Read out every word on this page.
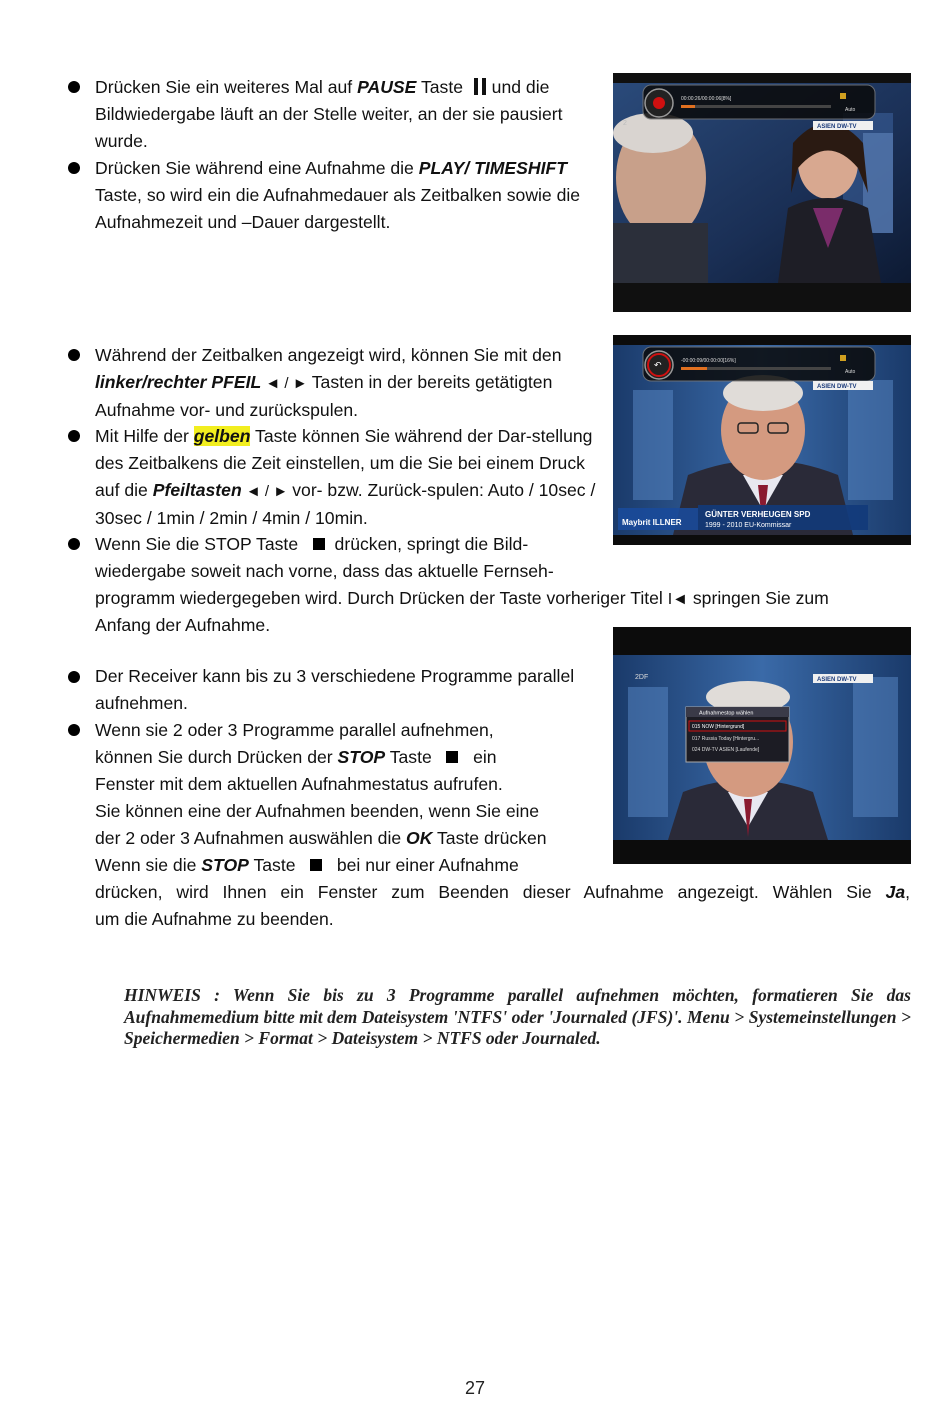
Drücken Sie ein weiteres Mal auf PAUSE Taste   und die Bildwiedergabe läuft an der Stelle weiter, an der sie pausiert wurde.
Drücken Sie während eine Aufnahme die PLAY/ TIMESHIFT Taste, so wird ein die Aufnahmedauer als Zeitbalken sowie die Aufnahmezeit und –Dauer dargestellt.
00:00:26/00:00:06[8%]
Auto
ASIEN DW-TV
2
Während der Zeitbalken angezeigt wird, können Sie mit den linker/rechter PFEIL ◄ / ► Tasten in der bereits getätigten Aufnahme vor- und zurückspulen.
Mit Hilfe der gelben Taste können Sie während der Dar-stellung des Zeitbalkens die Zeit einstellen, um die Sie bei einem Druck auf die Pfeiltasten ◄ / ► vor- bzw. Zurück-spulen: Auto / 10sec / 30sec / 1min / 2min / 4min / 10min.
Wenn Sie die STOP Taste     drücken, springt die Bild-
wiedergabe soweit nach vorne, dass das aktuelle Fernseh-
programm wiedergegeben wird. Durch Drücken der Taste vorheriger Titel I◄ springen Sie zum
Anfang der Aufnahme.
↶	-00:00:09/00:00:00[16%]
Auto
ASIEN DW-TV
Maybrit ILLNER
GÜNTER VERHEUGEN SPD
1999 - 2010 EU-Kommissar
Der Receiver kann bis zu 3 verschiedene Programme parallel aufnehmen.
Wenn sie 2 oder 3 Programme parallel aufnehmen,
können Sie durch Drücken der STOP Taste      ein
Fenster mit dem aktuellen Aufnahmestatus aufrufen.
Sie können eine der Aufnahmen beenden, wenn Sie eine
der 2 oder 3 Aufnahmen auswählen die OK Taste drücken
Wenn sie die STOP Taste      bei nur einer Aufnahme
drücken, wird Ihnen ein Fenster zum Beenden dieser Aufnahme angezeigt. Wählen Sie Ja,
um die Aufnahme zu beenden.
Aufnahmestop wählen
015 NOW [Hintergrund]
017 Russia Today [Hintergru...
024 DW-TV ASIEN [Laufende]
ASIEN DW-TV
2DF
HINWEIS : Wenn Sie bis zu 3 Programme parallel aufnehmen möchten, formatieren Sie das Aufnahmemedium bitte mit dem Dateisystem 'NTFS' oder 'Journaled (JFS)'. Menu > Systemeinstellungen > Speichermedien > Format > Dateisystem > NTFS oder Journaled.
27
